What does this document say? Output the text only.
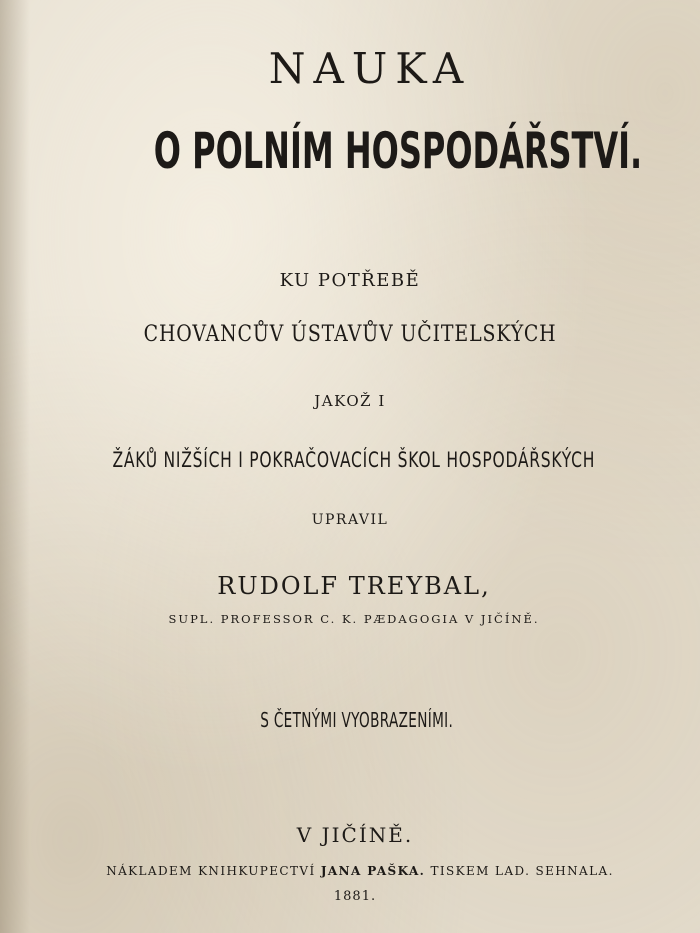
NAUKA
O POLNÍM HOSPODÁŘSTVÍ.
KU POTŘEBĚ
CHOVANCŮV ÚSTAVŮV UČITELSKÝCH
JAKOŽ I
ŽÁKŮ NIŽŠÍCH I POKRAČOVACÍCH ŠKOL HOSPODÁŘSKÝCH
UPRAVIL
RUDOLF TREYBAL,
SUPL. PROFESSOR C. K. PÆDAGOGIA V JIČÍNĚ.
S ČETNÝMI VYOBRAZENÍMI.
V JIČÍNĚ.
NÁKLADEM KNIHKUPECTVÍ JANA PAŠKA. TISKEM LAD. SEHNALA.
1881.
